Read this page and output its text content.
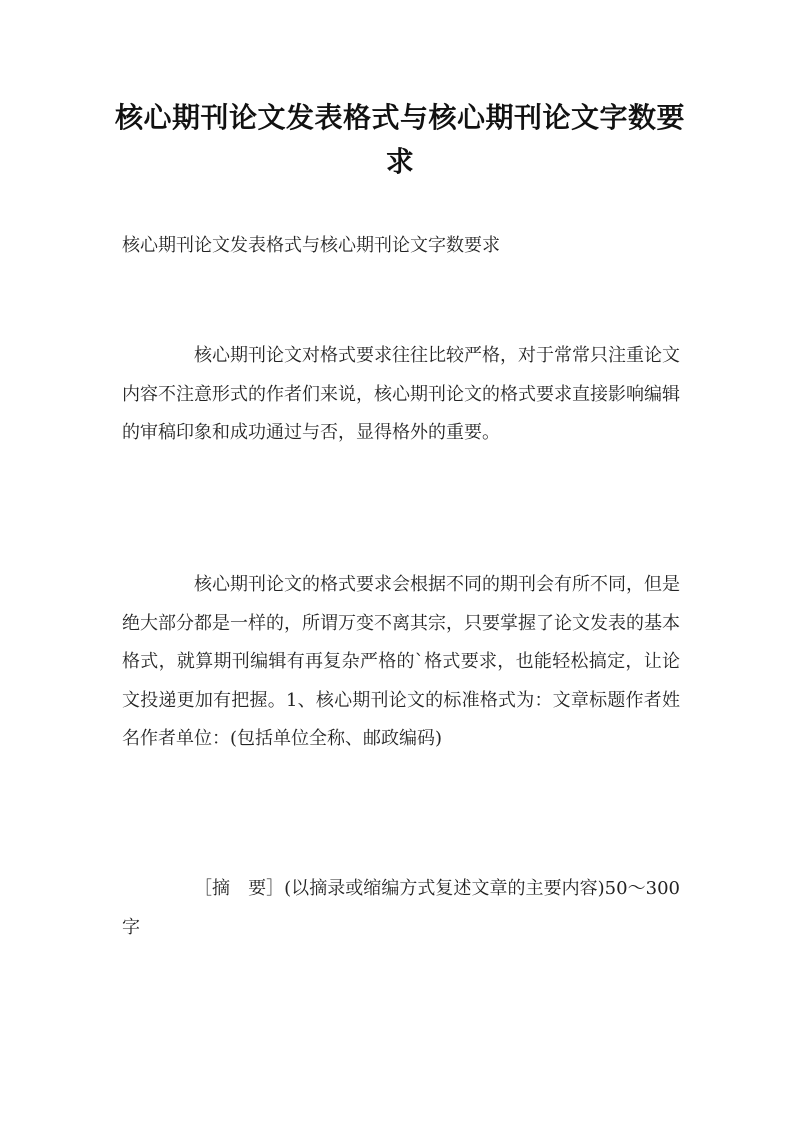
核心期刊论文发表格式与核心期刊论文字数要求

核心期刊论文发表格式与核心期刊论文字数要求

核心期刊论文对格式要求往往比较严格，对于常常只注重论文内容不注意形式的作者们来说，核心期刊论文的格式要求直接影响编辑的审稿印象和成功通过与否，显得格外的重要。

核心期刊论文的格式要求会根据不同的期刊会有所不同，但是绝大部分都是一样的，所谓万变不离其宗，只要掌握了论文发表的基本格式，就算期刊编辑有再复杂严格的`格式要求，也能轻松搞定，让论文投递更加有把握。1、核心期刊论文的标准格式为：文章标题作者姓名作者单位：(包括单位全称、邮政编码)

［摘　要］(以摘录或缩编方式复述文章的主要内容)50～300字
